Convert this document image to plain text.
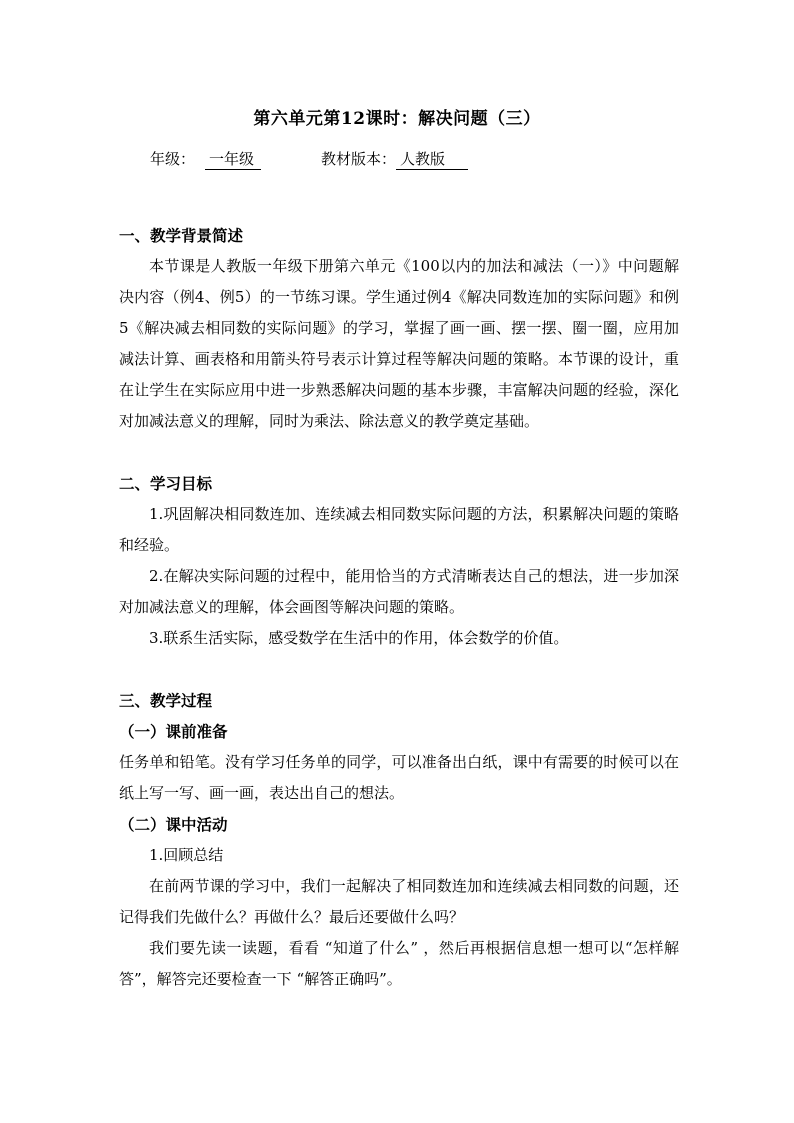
第六单元第12课时：解决问题（三）
年级： 一年级	教材版本： 人教版
一、教学背景简述
本节课是人教版一年级下册第六单元《100以内的加法和减法（一）》中问题解决内容（例4、例5）的一节练习课。学生通过例4《解决同数连加的实际问题》和例5《解决减去相同数的实际问题》的学习，掌握了画一画、摆一摆、圈一圈，应用加减法计算、画表格和用箭头符号表示计算过程等解决问题的策略。本节课的设计，重在让学生在实际应用中进一步熟悉解决问题的基本步骤，丰富解决问题的经验，深化对加减法意义的理解，同时为乘法、除法意义的教学奠定基础。
二、学习目标
1.巩固解决相同数连加、连续减去相同数实际问题的方法，积累解决问题的策略和经验。
2.在解决实际问题的过程中，能用恰当的方式清晰表达自己的想法，进一步加深对加减法意义的理解，体会画图等解决问题的策略。
3.联系生活实际，感受数学在生活中的作用，体会数学的价值。
三、教学过程
（一）课前准备
任务单和铅笔。没有学习任务单的同学，可以准备出白纸，课中有需要的时候可以在纸上写一写、画一画，表达出自己的想法。
（二）课中活动
1.回顾总结
在前两节课的学习中，我们一起解决了相同数连加和连续减去相同数的问题，还记得我们先做什么？再做什么？最后还要做什么吗？
我们要先读一读题，看看 “知道了什么” ，然后再根据信息想一想可以“怎样解答”，解答完还要检查一下 “解答正确吗”。
